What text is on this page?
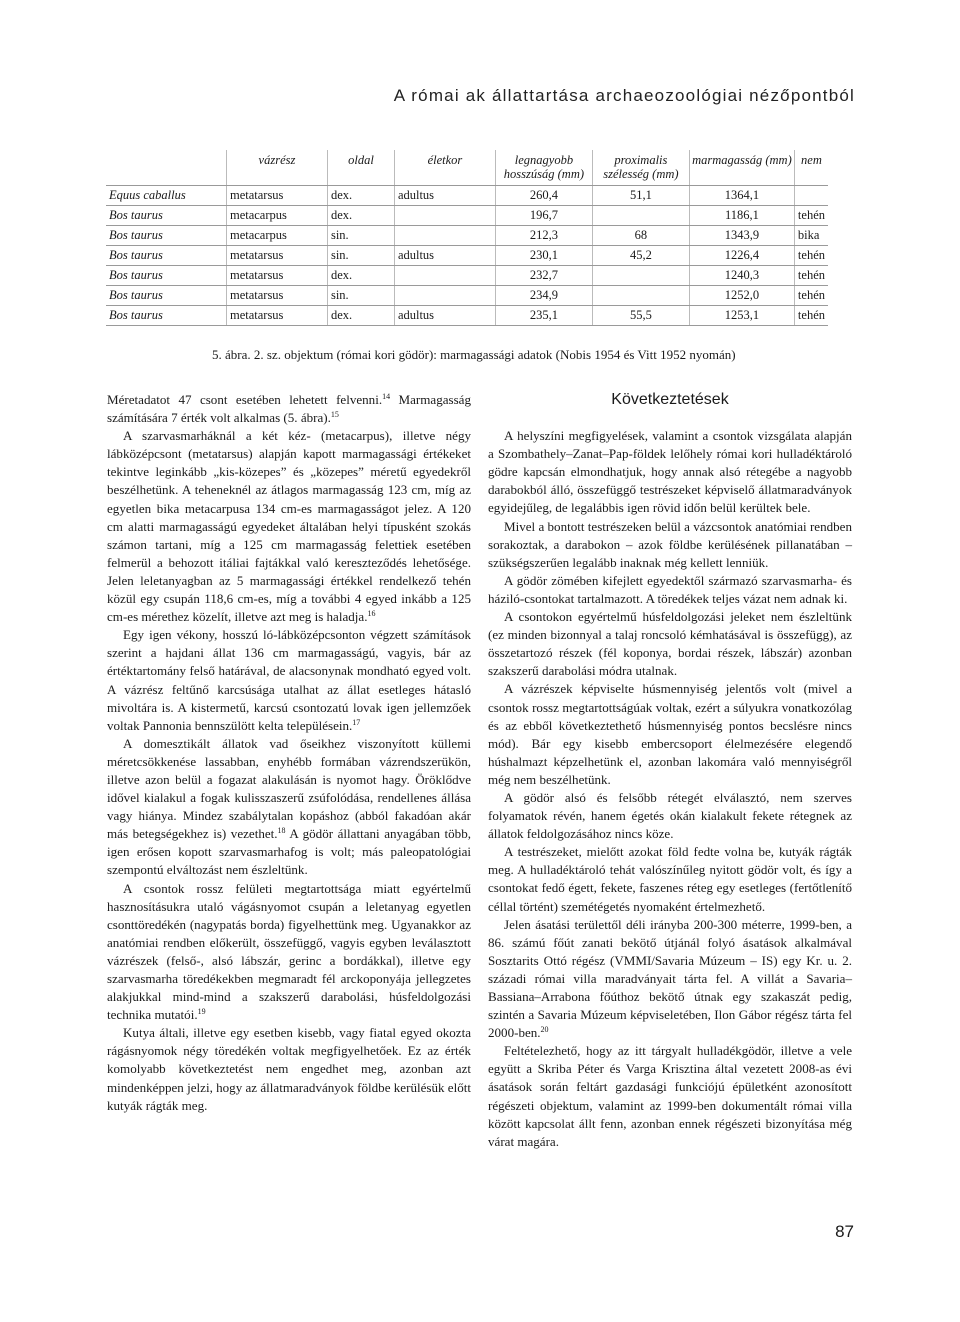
A római ak állattartása archaeozoológiai nézőpontból
	vázrész	oldal	életkor	legnagyobb hosszúság (mm)	proximalis szélesség (mm)	marmagasság (mm)	nem
Equus caballus	metatarsus	dex.	adultus	260,4	51,1	1364,1	
Bos taurus	metacarpus	dex.		196,7		1186,1	tehén
Bos taurus	metacarpus	sin.		212,3	68	1343,9	bika
Bos taurus	metatarsus	sin.	adultus	230,1	45,2	1226,4	tehén
Bos taurus	metatarsus	dex.		232,7		1240,3	tehén
Bos taurus	metatarsus	sin.		234,9		1252,0	tehén
Bos taurus	metatarsus	dex.	adultus	235,1	55,5	1253,1	tehén
5. ábra. 2. sz. objektum (római kori gödör): marmagassági adatok (Nobis 1954 és Vitt 1952 nyomán)

Méretadatot 47 csont esetében lehetett felvenni.$^{14}$ Marmagasság számítására 7 érték volt alkalmas (5. ábra).$^{15}$

A szarvasmarháknál a két kéz- (metacarpus), illetve négy lábközépcsont (metatarsus) alapján kapott marmagassági értékeket tekintve leginkább „kis-közepes” és „közepes” méretű egyedekről beszélhetünk. A teheneknél az átlagos marmagasság 123 cm, míg az egyetlen bika metacarpusa 134 cm-es marmagasságot jelez. A 120 cm alatti marmagasságú egyedeket általában helyi típusként szokás számon tartani, míg a 125 cm marmagasság felettiek esetében felmerül a behozott itáliai fajtákkal való kereszteződés lehetősége. Jelen leletanyagban az 5 marmagassági értékkel rendelkező tehén közül egy csupán 118,6 cm-es, míg a további 4 egyed inkább a 125 cm-es mérethez közelít, illetve azt meg is haladja.$^{16}$

Egy igen vékony, hosszú ló-lábközépcsonton végzett számítások szerint a hajdani állat 136 cm marmagasságú, vagyis, bár az értéktartomány felső határával, de alacsonynak mondható egyed volt. A vázrész feltűnő karcsúsága utalhat az állat esetleges hátasló mivoltára is. A kistermetű, karcsú csontozatú lovak igen jellemzőek voltak Pannonia bennszülött kelta településein.$^{17}$

A domesztikált állatok vad őseikhez viszonyított küllemi méretcsökkenése lassabban, enyhébb formában vázrendszerükön, illetve azon belül a fogazat alakulásán is nyomot hagy. Öröklődve idővel kialakul a fogak kulisszaszerű zsúfolódása, rendellenes állása vagy hiánya. Mindez szabálytalan kopáshoz (abból fakadóan akár más betegségekhez is) vezethet.$^{18}$ A gödör állattani anyagában több, igen erősen kopott szarvasmarhafog is volt; más paleopatológiai szempontú elváltozást nem észleltünk.

A csontok rossz felületi megtartottsága miatt egyértelmű hasznosításukra utaló vágásnyomot csupán a leletanyag egyetlen csonttöredékén (nagypatás borda) figyelhettünk meg. Ugyanakkor az anatómiai rendben előkerült, összefüggő, vagyis egyben leválasztott vázrészek (felső-, alsó lábszár, gerinc a bordákkal), illetve egy szarvasmarha töredékekben megmaradt fél arckoponyája jellegzetes alakjukkal mind-mind a szakszerű darabolási, húsfeldolgozási technika mutatói.$^{19}$

Kutya általi, illetve egy esetben kisebb, vagy fiatal egyed okozta rágásnyomok négy töredékén voltak megfigyelhetőek. Ez az érték komolyabb következtetést nem engedhet meg, azonban azt mindenképpen jelzi, hogy az állatmaradványok földbe kerülésük előtt kutyák rágták meg.

Következtetések

A helyszíni megfigyelések, valamint a csontok vizsgálata alapján a Szombathely–Zanat–Pap-földek lelőhely római kori hulladéktároló gödre kapcsán elmondhatjuk, hogy annak alsó rétegébe a nagyobb darabokból álló, összefüggő testrészeket képviselő állatmaradványok egyidejűleg, de legalábbis igen rövid időn belül kerültek bele.

Mivel a bontott testrészeken belül a vázcsontok anatómiai rendben sorakoztak, a darabokon – azok földbe kerülésének pillanatában – szükségszerűen legalább inaknak még kellett lenniük.

A gödör zömében kifejlett egyedektől származó szarvasmarha- és háziló-csontokat tartalmazott. A töredékek teljes vázat nem adnak ki.

A csontokon egyértelmű húsfeldolgozási jeleket nem észleltünk (ez minden bizonnyal a talaj roncsoló kémhatásával is összefügg), az összetartozó részek (fél koponya, bordai részek, lábszár) azonban szakszerű darabolási módra utalnak.

A vázrészek képviselte húsmennyiség jelentős volt (mivel a csontok rossz megtartottságúak voltak, ezért a súlyukra vonatkozólag és az ebből következtethető húsmennyiség pontos becslésre nincs mód). Bár egy kisebb embercsoport élelmezésére elegendő húshalmazt képzelhetünk el, azonban lakomára való mennyiségről még nem beszélhetünk.

A gödör alsó és felsőbb rétegét elválasztó, nem szerves folyamatok révén, hanem égetés okán kialakult fekete rétegnek az állatok feldolgozásához nincs köze.

A testrészeket, mielőtt azokat föld fedte volna be, kutyák rágták meg. A hulladéktároló tehát valószínűleg nyitott gödör volt, és így a csontokat fedő égett, fekete, faszenes réteg egy esetleges (fertőtlenítő céllal történt) szemétégetés nyomaként értelmezhető.

Jelen ásatási területtől déli irányba 200-300 méterre, 1999-ben, a 86. számú főút zanati bekötő útjánál folyó ásatások alkalmával Sosztarits Ottó régész (VMMI/Savaria Múzeum – IS) egy Kr. u. 2. századi római villa maradványait tárta fel. A villát a Savaria–Bassiana–Arrabona főúthoz bekötő útnak egy szakaszát pedig, szintén a Savaria Múzeum képviseletében, Ilon Gábor régész tárta fel 2000-ben.$^{20}$

Feltételezhető, hogy az itt tárgyalt hulladékgödör, illetve a vele együtt a Skriba Péter és Varga Krisztina által vezetett 2008-as évi ásatások során feltárt gazdasági funkciójú épületként azonosított régészeti objektum, valamint az 1999-ben dokumentált római villa között kapcsolat állt fenn, azonban ennek régészeti bizonyítása még várat magára.

87
